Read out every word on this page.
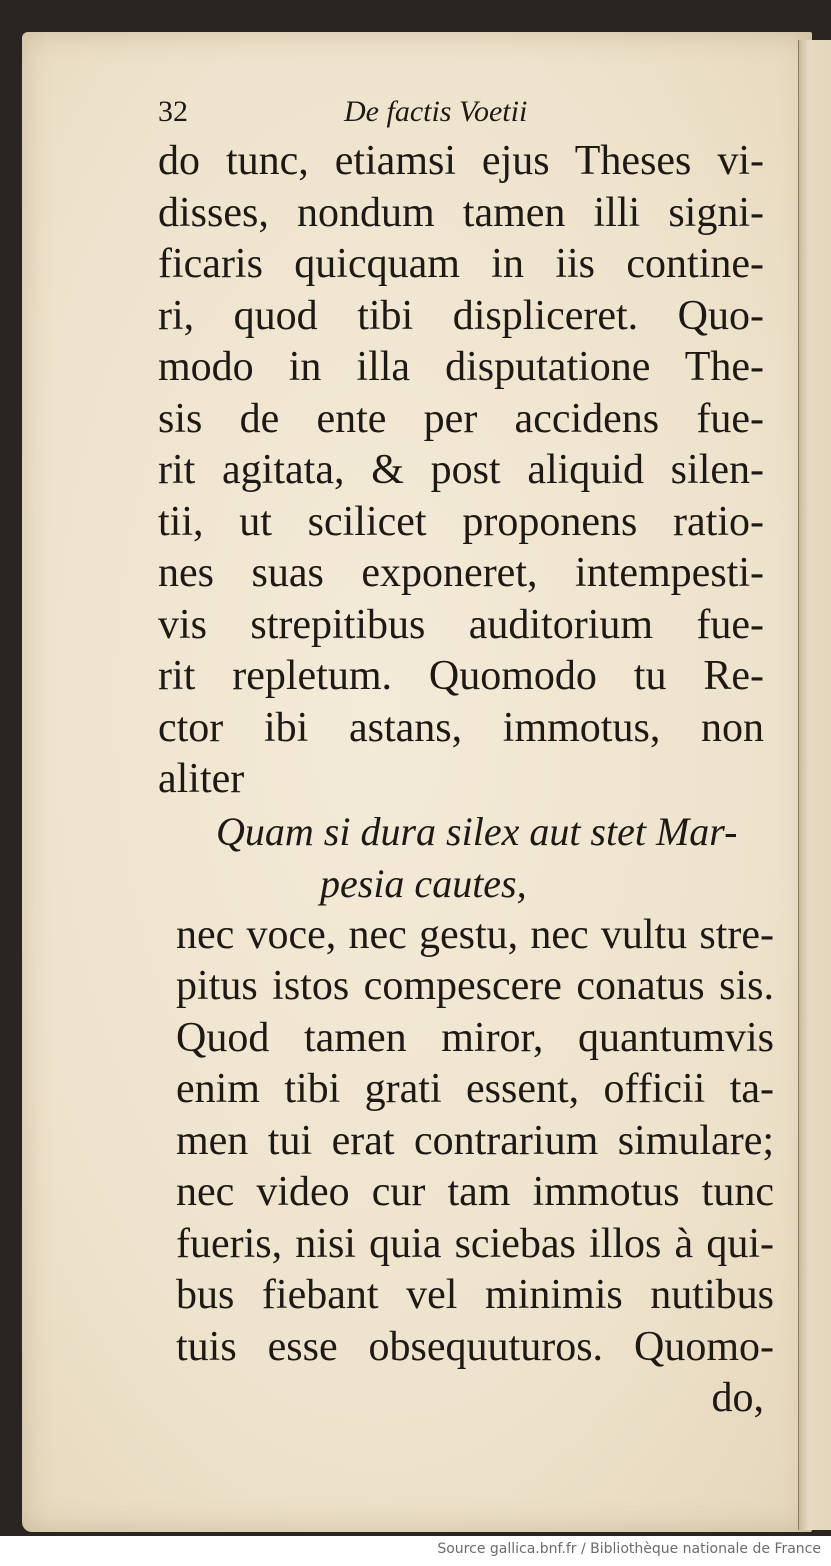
32	De factis Voetii
do tunc, etiamsi ejus Theses vi-
disses, nondum tamen illi signi-
ficaris quicquam in iis contine-
ri, quod tibi displiceret. Quo-
modo in illa disputatione The-
sis de ente per accidens fue-
rit agitata, & post aliquid silen-
tii, ut scilicet proponens ratio-
nes suas exponeret, intempesti-
vis strepitibus auditorium fue-
rit repletum. Quomodo tu Re-
ctor ibi astans, immotus, non
aliter
Quam si dura silex aut stet Mar-
pesia cautes,
nec voce, nec gestu, nec vultu stre-
pitus istos compescere conatus sis.
Quod tamen miror, quantumvis
enim tibi grati essent, officii ta-
men tui erat contrarium simulare;
nec video cur tam immotus tunc
fueris, nisi quia sciebas illos à qui-
bus fiebant vel minimis nutibus
tuis esse obsequuturos. Quomo-
do,
Source gallica.bnf.fr / Bibliothèque nationale de France
